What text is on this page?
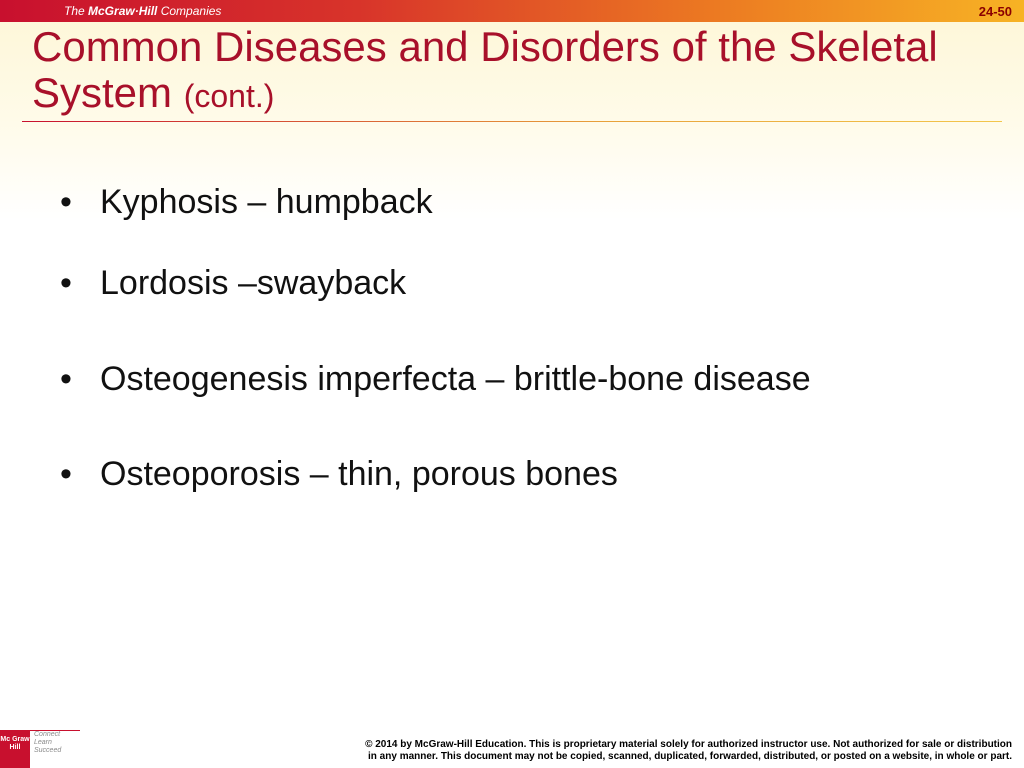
The McGraw·Hill Companies	24-50
Common Diseases and Disorders of the Skeletal System (cont.)
• Kyphosis – humpback
• Lordosis –swayback
• Osteogenesis imperfecta – brittle-bone disease
• Osteoporosis – thin, porous bones
Mc Graw Hill
Connect Learn Succeed
© 2014 by McGraw-Hill Education. This is proprietary material solely for authorized instructor use. Not authorized for sale or distribution
in any manner. This document may not be copied, scanned, duplicated, forwarded, distributed, or posted on a website, in whole or part.
